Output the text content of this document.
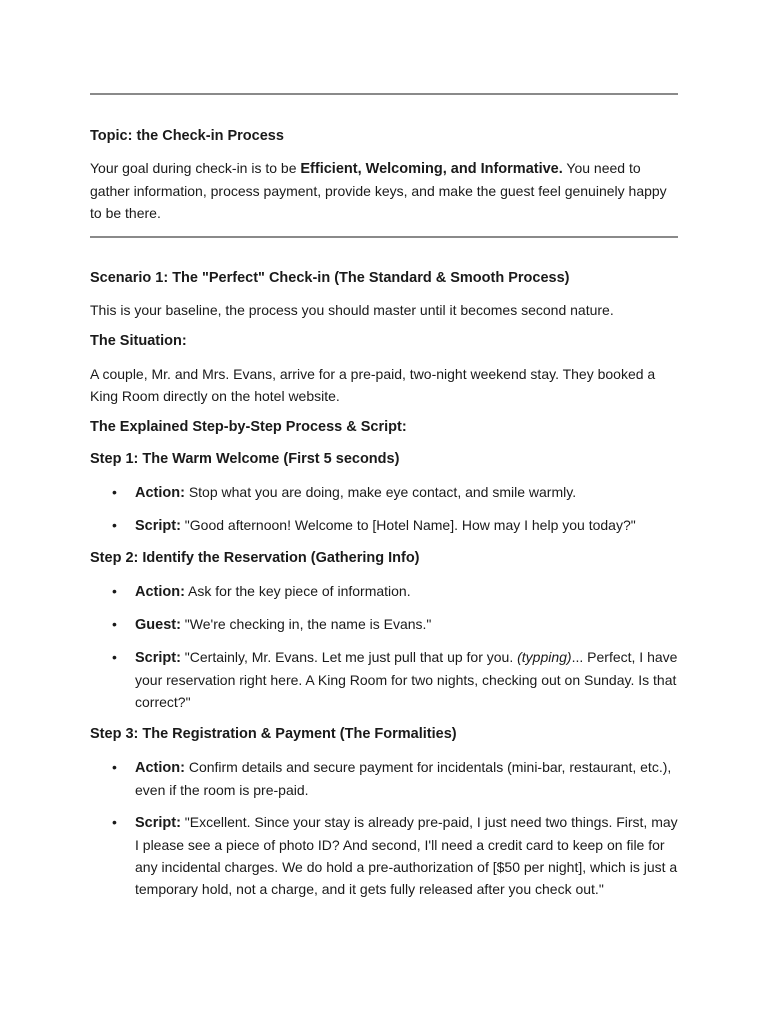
Topic: the Check-in Process

Your goal during check-in is to be Efficient, Welcoming, and Informative. You need to gather information, process payment, provide keys, and make the guest feel genuinely happy to be there.

Scenario 1: The "Perfect" Check-in (The Standard & Smooth Process)

This is your baseline, the process you should master until it becomes second nature.

The Situation:

A couple, Mr. and Mrs. Evans, arrive for a pre-paid, two-night weekend stay. They booked a King Room directly on the hotel website.

The Explained Step-by-Step Process & Script:
Step 1: The Warm Welcome (First 5 seconds)
• Action: Stop what you are doing, make eye contact, and smile warmly.
• Script: "Good afternoon! Welcome to [Hotel Name]. How may I help you today?"
Step 2: Identify the Reservation (Gathering Info)
• Action: Ask for the key piece of information.
• Guest: "We're checking in, the name is Evans."
• Script: "Certainly, Mr. Evans. Let me just pull that up for you. (typping)... Perfect, I have your reservation right here. A King Room for two nights, checking out on Sunday. Is that correct?"
Step 3: The Registration & Payment (The Formalities)
• Action: Confirm details and secure payment for incidentals (mini-bar, restaurant, etc.), even if the room is pre-paid.
• Script: "Excellent. Since your stay is already pre-paid, I just need two things. First, may I please see a piece of photo ID? And second, I'll need a credit card to keep on file for any incidental charges. We do hold a pre-authorization of [$50 per night], which is just a temporary hold, not a charge, and it gets fully released after you check out."
